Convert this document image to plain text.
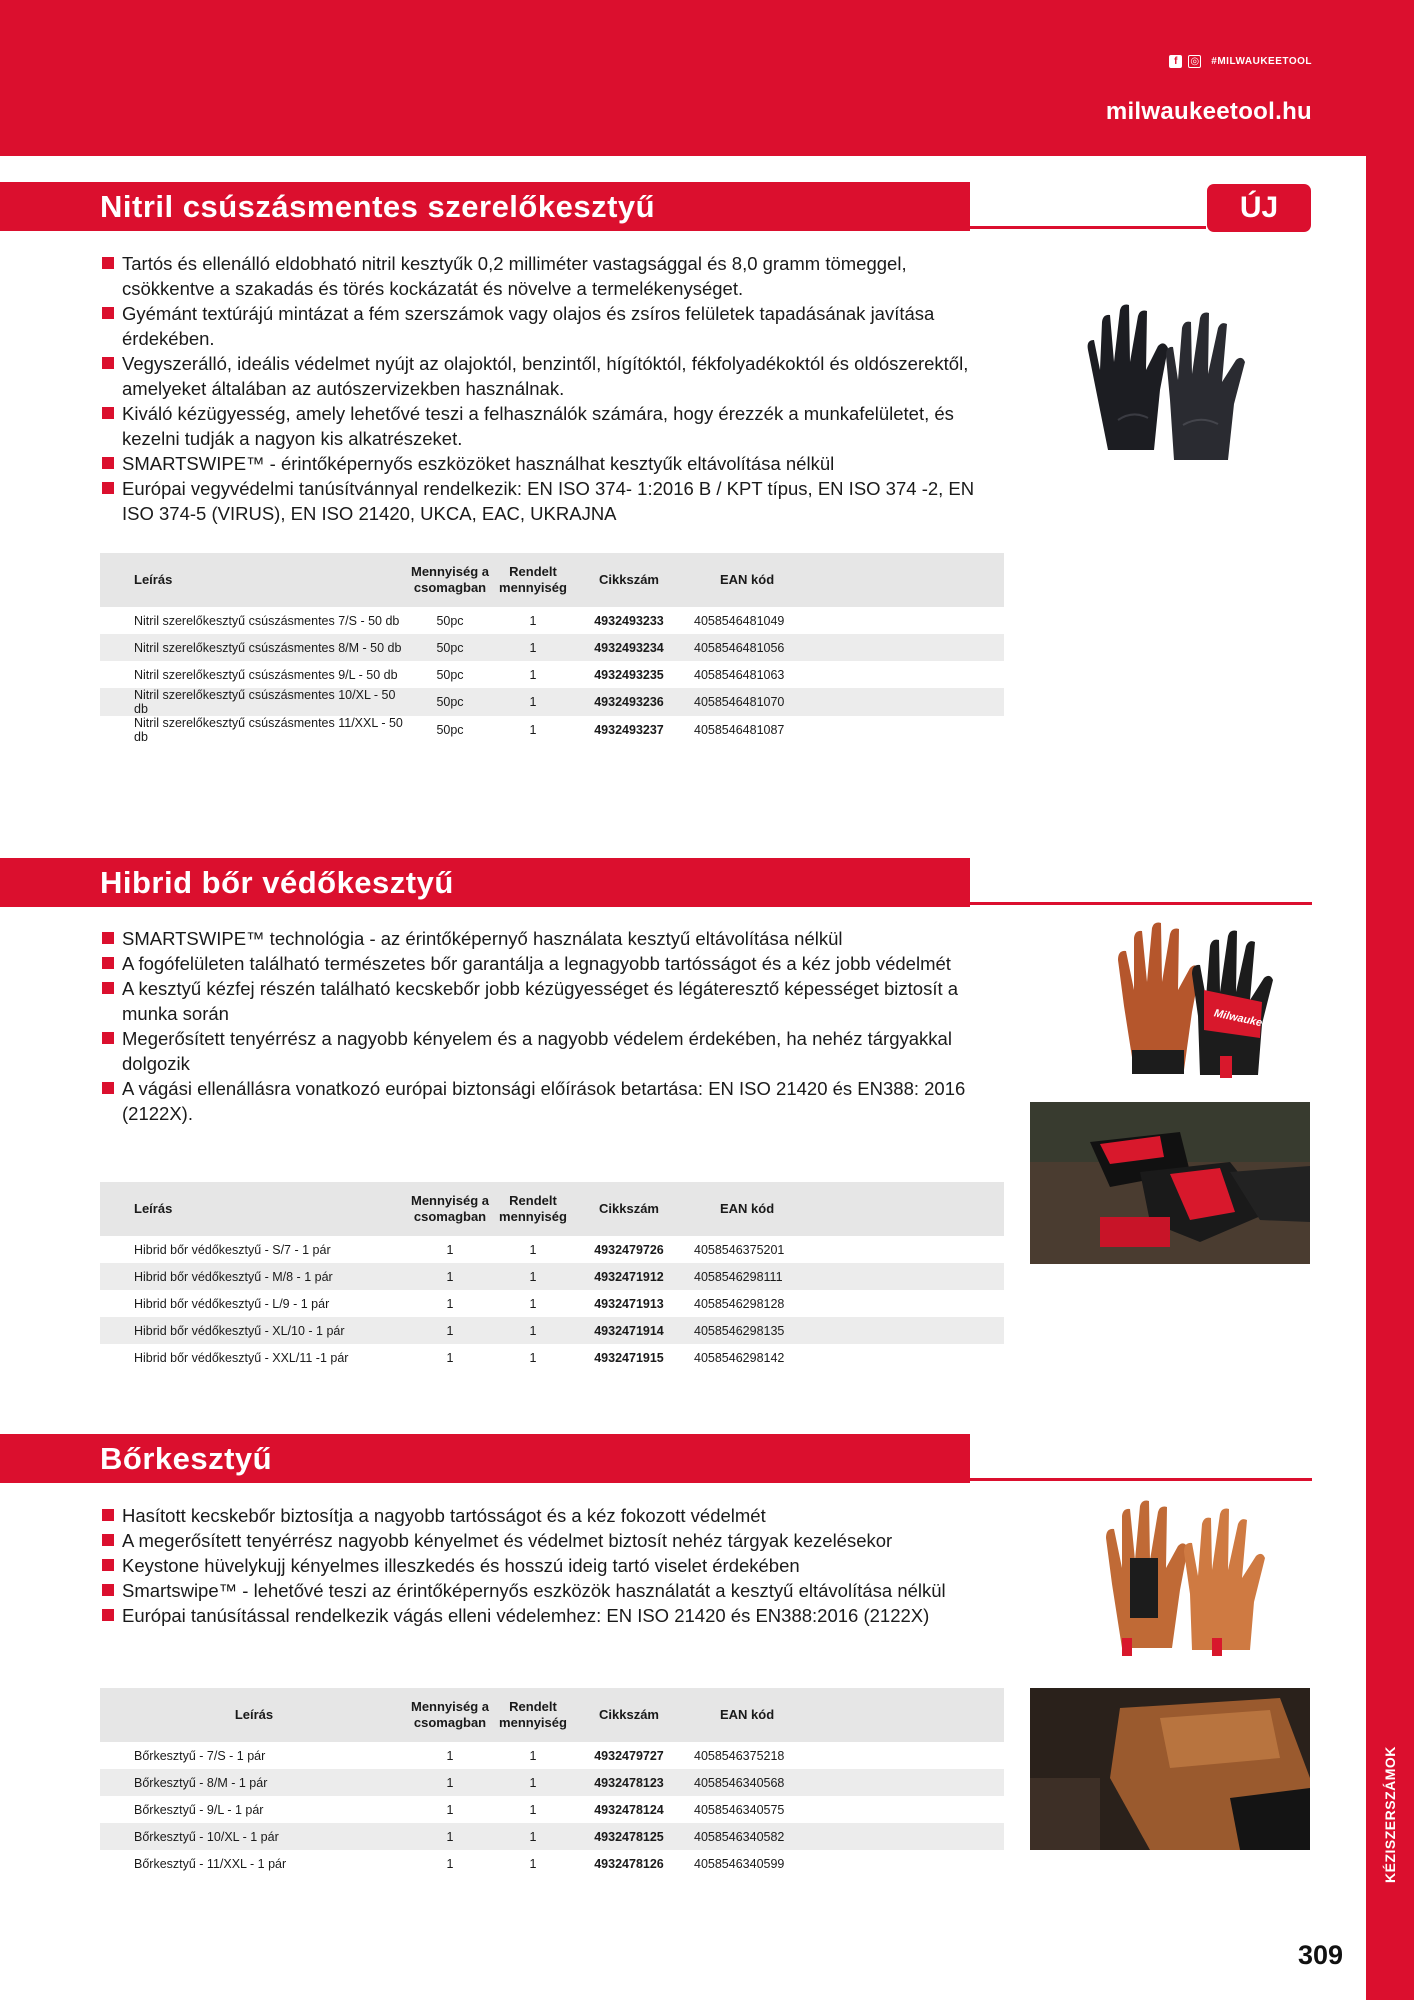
f	◎ #MILWAUKEETOOL
milwaukeetool.hu
Nitril csúszásmentes szerelőkesztyű	ÚJ
Tartós és ellenálló eldobható nitril kesztyűk 0,2 milliméter vastagsággal és 8,0 gramm tömeggel, csökkentve a szakadás és törés kockázatát és növelve a termelékenységet.
Gyémánt textúrájú mintázat a fém szerszámok vagy olajos és zsíros felületek tapadásának javítása érdekében.
Vegyszerálló, ideális védelmet nyújt az olajoktól, benzintől, hígítóktól, fékfolyadékoktól és oldószerektől, amelyeket általában az autószervizekben használnak.
Kiváló kézügyesség, amely lehetővé teszi a felhasználók számára, hogy érezzék a munkafelületet, és kezelni tudják a nagyon kis alkatrészeket.
SMARTSWIPE™ - érintőképernyős eszközöket használhat kesztyűk eltávolítása nélkül
Európai vegyvédelmi tanúsítvánnyal rendelkezik: EN ISO 374- 1:2016 B / KPT típus, EN ISO 374 -2, EN ISO 374-5 (VIRUS), EN ISO 21420, UKCA, EAC, UKRAJNA
Leírás	Mennyiség a csomagban	Rendelt mennyiség	Cikkszám	EAN kód
Nitril szerelőkesztyű csúszásmentes 7/S - 50 db	50pc	1	4932493233	4058546481049
Nitril szerelőkesztyű csúszásmentes 8/M - 50 db	50pc	1	4932493234	4058546481056
Nitril szerelőkesztyű csúszásmentes 9/L - 50 db	50pc	1	4932493235	4058546481063
Nitril szerelőkesztyű csúszásmentes 10/XL - 50 db	50pc	1	4932493236	4058546481070
Nitril szerelőkesztyű csúszásmentes 11/XXL - 50 db	50pc	1	4932493237	4058546481087
Hibrid bőr védőkesztyű
SMARTSWIPE™ technológia - az érintőképernyő használata kesztyű eltávolítása nélkül
A fogófelületen található természetes bőr garantálja a legnagyobb tartósságot és a kéz jobb védelmét
A kesztyű kézfej részén található kecskebőr jobb kézügyességet és légáteresztő képességet biztosít a munka során
Megerősített tenyérrész a nagyobb kényelem és a nagyobb védelem érdekében, ha nehéz tárgyakkal dolgozik
A vágási ellenállásra vonatkozó európai biztonsági előírások betartása: EN ISO 21420 és EN388: 2016 (2122X).
Milwaukee
Leírás	Mennyiség a csomagban	Rendelt mennyiség	Cikkszám	EAN kód
Hibrid bőr védőkesztyű - S/7 - 1 pár	1	1	4932479726	4058546375201
Hibrid bőr védőkesztyű - M/8 - 1 pár	1	1	4932471912	4058546298111
Hibrid bőr védőkesztyű - L/9 - 1 pár	1	1	4932471913	4058546298128
Hibrid bőr védőkesztyű - XL/10 - 1 pár	1	1	4932471914	4058546298135
Hibrid bőr védőkesztyű - XXL/11 -1 pár	1	1	4932471915	4058546298142
Bőrkesztyű
Hasított kecskebőr biztosítja a nagyobb tartósságot és a kéz fokozott védelmét
A megerősített tenyérrész nagyobb kényelmet és védelmet biztosít nehéz tárgyak kezelésekor
Keystone hüvelykujj kényelmes illeszkedés és hosszú ideig tartó viselet érdekében
Smartswipe™ - lehetővé teszi az érintőképernyős eszközök használatát a kesztyű eltávolítása nélkül
Európai tanúsítással rendelkezik vágás elleni védelemhez: EN ISO 21420 és EN388:2016 (2122X)
Leírás	Mennyiség a csomagban	Rendelt mennyiség	Cikkszám	EAN kód
Bőrkesztyű - 7/S - 1 pár	1	1	4932479727	4058546375218
Bőrkesztyű - 8/M - 1 pár	1	1	4932478123	4058546340568
Bőrkesztyű - 9/L - 1 pár	1	1	4932478124	4058546340575
Bőrkesztyű - 10/XL - 1 pár	1	1	4932478125	4058546340582
Bőrkesztyű - 11/XXL - 1 pár	1	1	4932478126	4058546340599	KÉZISZERSZÁMOK
309
